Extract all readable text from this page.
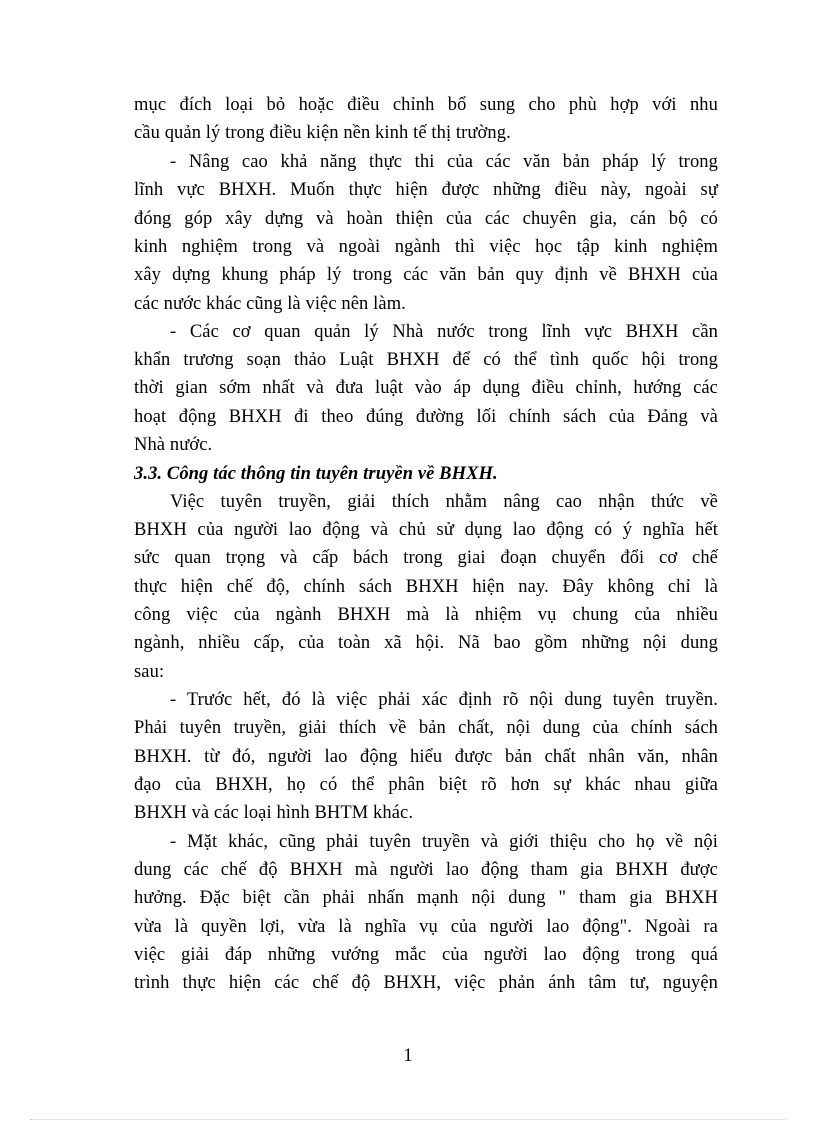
mục đích loại bỏ hoặc điều chỉnh bổ sung cho phù hợp với nhu
cầu quản lý trong điều kiện nền kinh tế thị trường.
- Nâng cao khả năng thực thi của các văn bản pháp lý trong
lĩnh vực BHXH. Muốn thực hiện được những điều này, ngoài sự
đóng góp xây dựng và hoàn thiện của các chuyên gia, cán bộ có
kinh nghiệm trong và ngoài ngành thì việc học tập kinh nghiệm
xây dựng khung pháp lý trong các văn bản quy định về BHXH của
các nước khác cũng là việc nên làm.
- Các cơ quan quản lý Nhà nước trong lĩnh vực BHXH cần
khẩn trương soạn thảo Luật BHXH để có thể tình quốc hội trong
thời gian sớm nhất và đưa luật vào áp dụng điều chỉnh, hướng các
hoạt động BHXH đi theo đúng đường lối chính sách của Đảng và
Nhà nước.
3.3. Công tác thông tin tuyên truyền về BHXH.
Việc tuyên truyền, giải thích nhằm nâng cao nhận thức về
BHXH của người lao động và chủ sử dụng lao động có ý nghĩa hết
sức quan trọng và cấp bách trong giai đoạn chuyển đổi cơ chế
thực hiện chế độ, chính sách BHXH hiện nay. Đây không chỉ là
công việc của ngành BHXH mà là nhiệm vụ chung của nhiều
ngành, nhiều cấp, của toàn xã hội. Nã bao gồm những nội dung
sau:
- Trước hết, đó là việc phải xác định rõ nội dung tuyên truyền.
Phải tuyên truyền, giải thích về bản chất, nội dung của chính sách
BHXH. từ đó, người lao động hiểu được bản chất nhân văn, nhân
đạo của BHXH, họ có thể phân biệt rõ hơn sự khác nhau giữa
BHXH và các loại hình BHTM khác.
- Mặt khác, cũng phải tuyên truyền và giới thiệu cho họ về nội
dung các chế độ BHXH mà người lao động tham gia BHXH được
hưởng. Đặc biệt cần phải nhấn mạnh nội dung " tham gia BHXH
vừa là quyền lợi, vừa là nghĩa vụ của người lao động". Ngoài ra
việc giải đáp những vướng mắc của người lao động trong quá
trình thực hiện các chế độ BHXH, việc phản ánh tâm tư, nguyện
1
